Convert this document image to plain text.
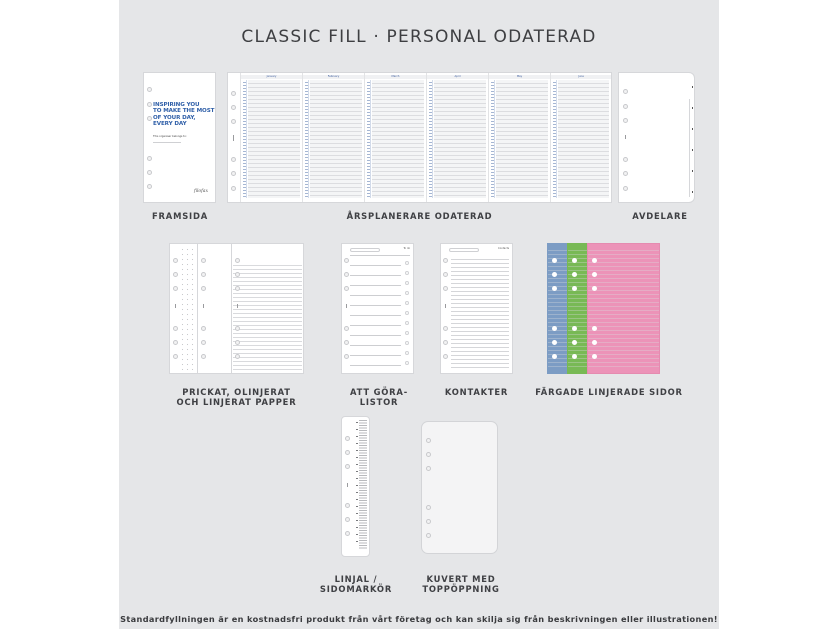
CLASSIC FILL · PERSONAL ODATERAD
INSPIRING YOU
TO MAKE THE MOST
OF YOUR DAY,
EVERY DAY
This organiser belongs to:
filofax
FRAMSIDA
January	February	March	April	May	June
ÅRSPLANERARE ODATERAD	AVDELARE
PRICKAT, OLINJERAT
OCH LINJERAT PAPPER
To do
ATT GÖRA-LISTOR
Contacts
KONTAKTER	FÄRGADE LINJERADE SIDOR
LINJAL /
SIDOMARKÖR
KUVERT MED
TOPPÖPPNING
Standardfyllningen är en kostnadsfri produkt från vårt företag och kan skilja sig från beskrivningen eller illustrationen!
